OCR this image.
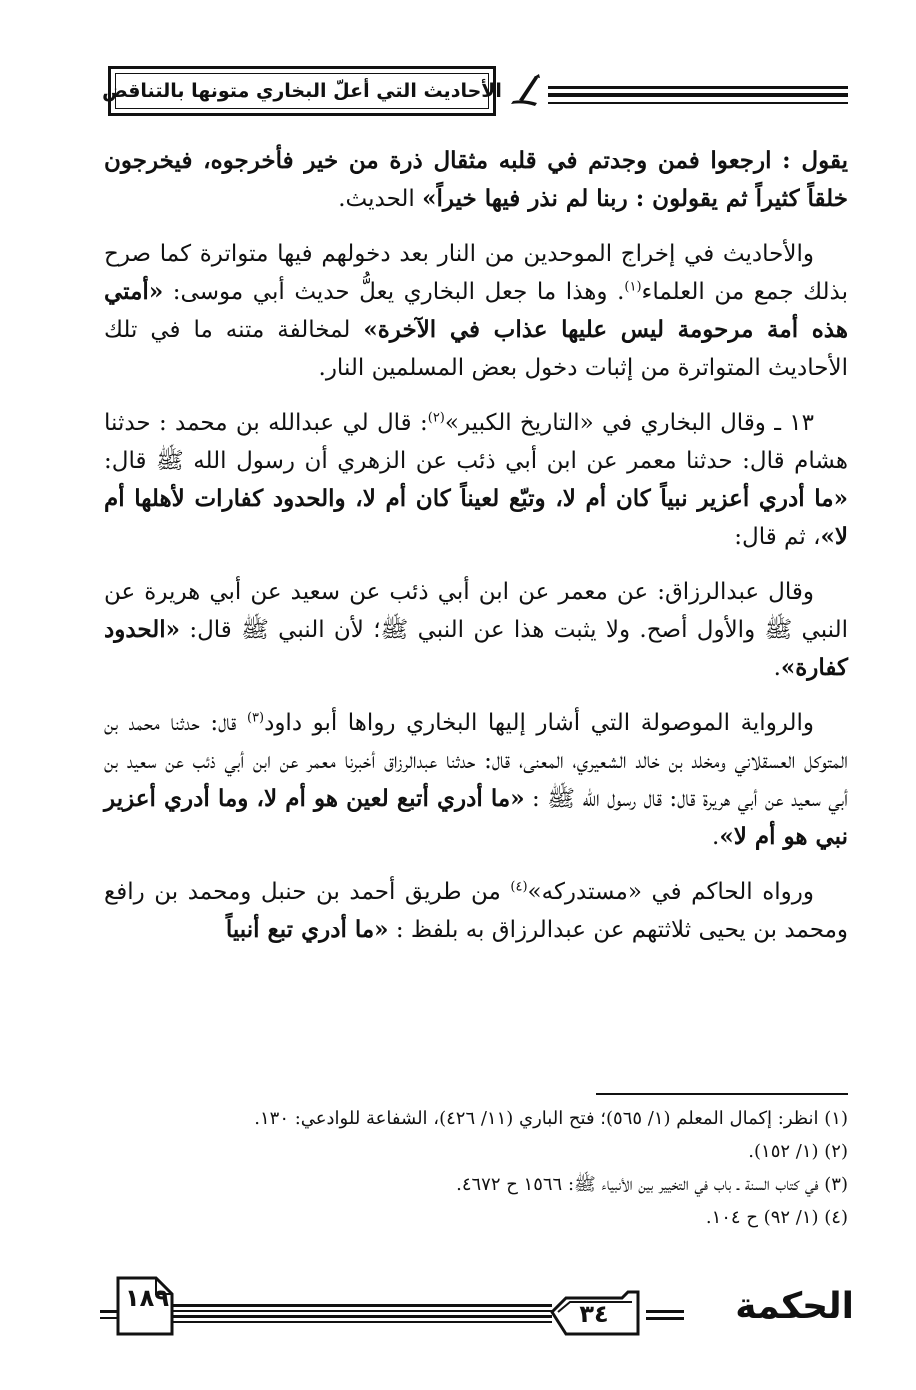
الأحاديث التي أعلّ البخاري متونها بالتناقض

يقول : ارجعوا فمن وجدتم في قلبه مثقال ذرة من خير فأخرجوه، فيخرجون خلقاً كثيراً ثم يقولون : ربنا لم نذر فيها خيراً» الحديث.

والأحاديث في إخراج الموحدين من النار بعد دخولهم فيها متواترة كما صرح بذلك جمع من العلماء$^{(١)}$. وهذا ما جعل البخاري يعلُّ حديث أبي موسى: «أمتي هذه أمة مرحومة ليس عليها عذاب في الآخرة» لمخالفة متنه ما في تلك الأحاديث المتواترة من إثبات دخول بعض المسلمين النار.

١٣ ـ وقال البخاري في «التاريخ الكبير»$^{(٢)}$: قال لي عبدالله بن محمد : حدثنا هشام قال: حدثنا معمر عن ابن أبي ذئب عن الزهري أن رسول الله ﷺ قال: «ما أدري أعزير نبياً كان أم لا، وتبّع لعيناً كان أم لا، والحدود كفارات لأهلها أم لا»، ثم قال:

وقال عبدالرزاق: عن معمر عن ابن أبي ذئب عن سعيد عن أبي هريرة عن النبي ﷺ والأول أصح. ولا يثبت هذا عن النبي ﷺ؛ لأن النبي ﷺ قال: «الحدود كفارة».

والرواية الموصولة التي أشار إليها البخاري رواها أبو داود$^{(٣)}$ قال: حدثنا محمد بن المتوكل العسقلاني ومخلد بن خالد الشعيري، المعنى، قال: حدثنا عبدالرزاق أخبرنا معمر عن ابن أبي ذئب عن سعيد بن أبي سعيد عن أبي هريرة قال: قال رسول الله ﷺ : «ما أدري أتبع لعين هو أم لا، وما أدري أعزير نبي هو أم لا».

ورواه الحاكم في «مستدركه»$^{(٤)}$ من طريق أحمد بن حنبل ومحمد بن رافع ومحمد بن يحيى ثلاثتهم عن عبدالرزاق به بلفظ : «ما أدري تبع أنبياً

(١) انظر: إكمال المعلم (١/ ٥٦٥)؛ فتح الباري (١١/ ٤٢٦)، الشفاعة للوادعي: ١٣٠.
(٢) (١/ ١٥٢).
(٣) في كتاب السنة ـ باب في التخيير بين الأنبياء ﷺ: ١٥٦٦ ح ٤٦٧٢.
(٤) (١/ ٩٢) ح ١٠٤.
١٨٩
٣٤	الحكمة
